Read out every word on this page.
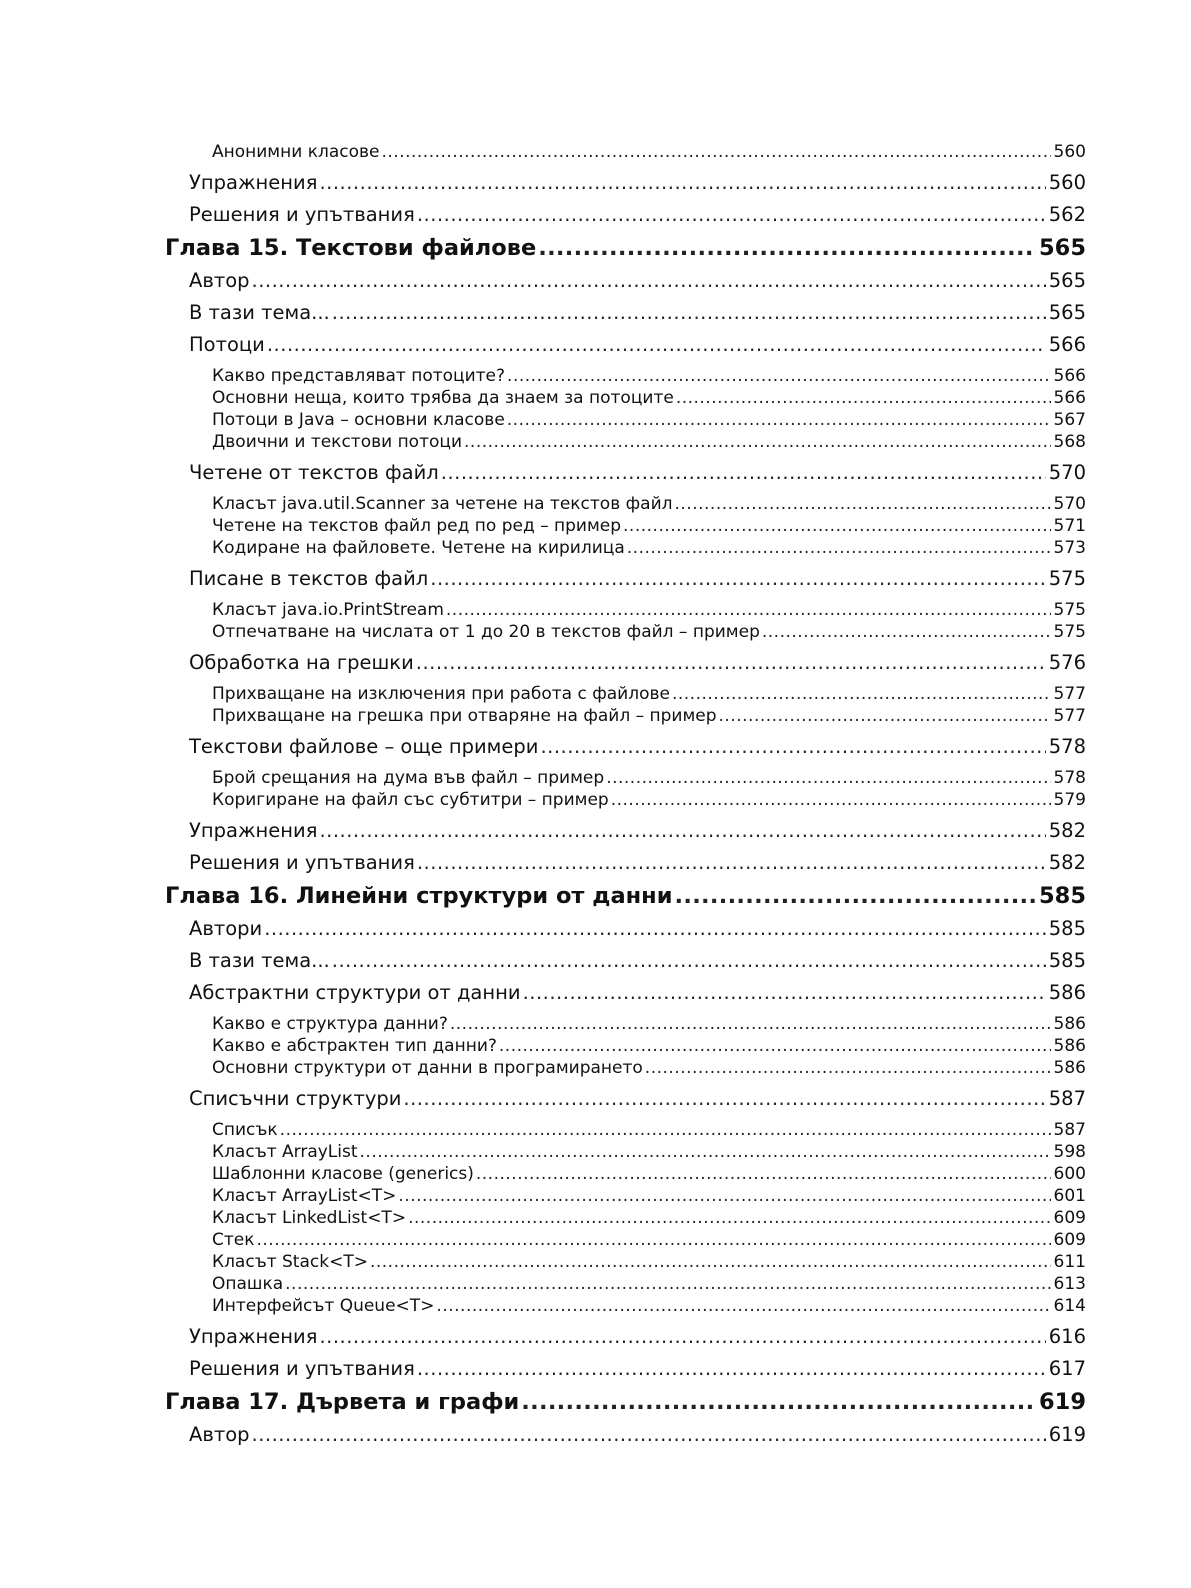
Анонимни класове .....	560
Упражнения .....	560
Решения и упътвания .....	562
Глава 15. Текстови файлове .....	565
Автор .....	565
В тази тема... .....	565
Потоци .....	566
Какво представляват потоците? .....	566
Основни неща, които трябва да знаем за потоците .....	566
Потоци в Java – основни класове .....	567
Двоични и текстови потоци .....	568
Четене от текстов файл .....	570
Класът java.util.Scanner за четене на текстов файл .....	570
Четене на текстов файл ред по ред – пример .....	571
Кодиране на файловете. Четене на кирилица .....	573
Писане в текстов файл .....	575
Класът java.io.PrintStream .....	575
Отпечатване на числата от 1 до 20 в текстов файл – пример .....	575
Обработка на грешки .....	576
Прихващане на изключения при работа с файлове .....	577
Прихващане на грешка при отваряне на файл – пример .....	577
Текстови файлове – още примери .....	578
Брой срещания на дума във файл – пример .....	578
Коригиране на файл със субтитри – пример .....	579
Упражнения .....	582
Решения и упътвания .....	582
Глава 16. Линейни структури от данни .....	585
Автори .....	585
В тази тема... .....	585
Абстрактни структури от данни .....	586
Какво е структура данни? .....	586
Какво е абстрактен тип данни? .....	586
Основни структури от данни в програмирането .....	586
Списъчни структури .....	587
Списък .....	587
Класът ArrayList .....	598
Шаблонни класове (generics) .....	600
Класът ArrayList<T> .....	601
Класът LinkedList<T> .....	609
Стек .....	609
Класът Stack<T> .....	611
Опашка .....	613
Интерфейсът Queue<T> .....	614
Упражнения .....	616
Решения и упътвания .....	617
Глава 17. Дървета и графи .....	619
Автор .....	619
